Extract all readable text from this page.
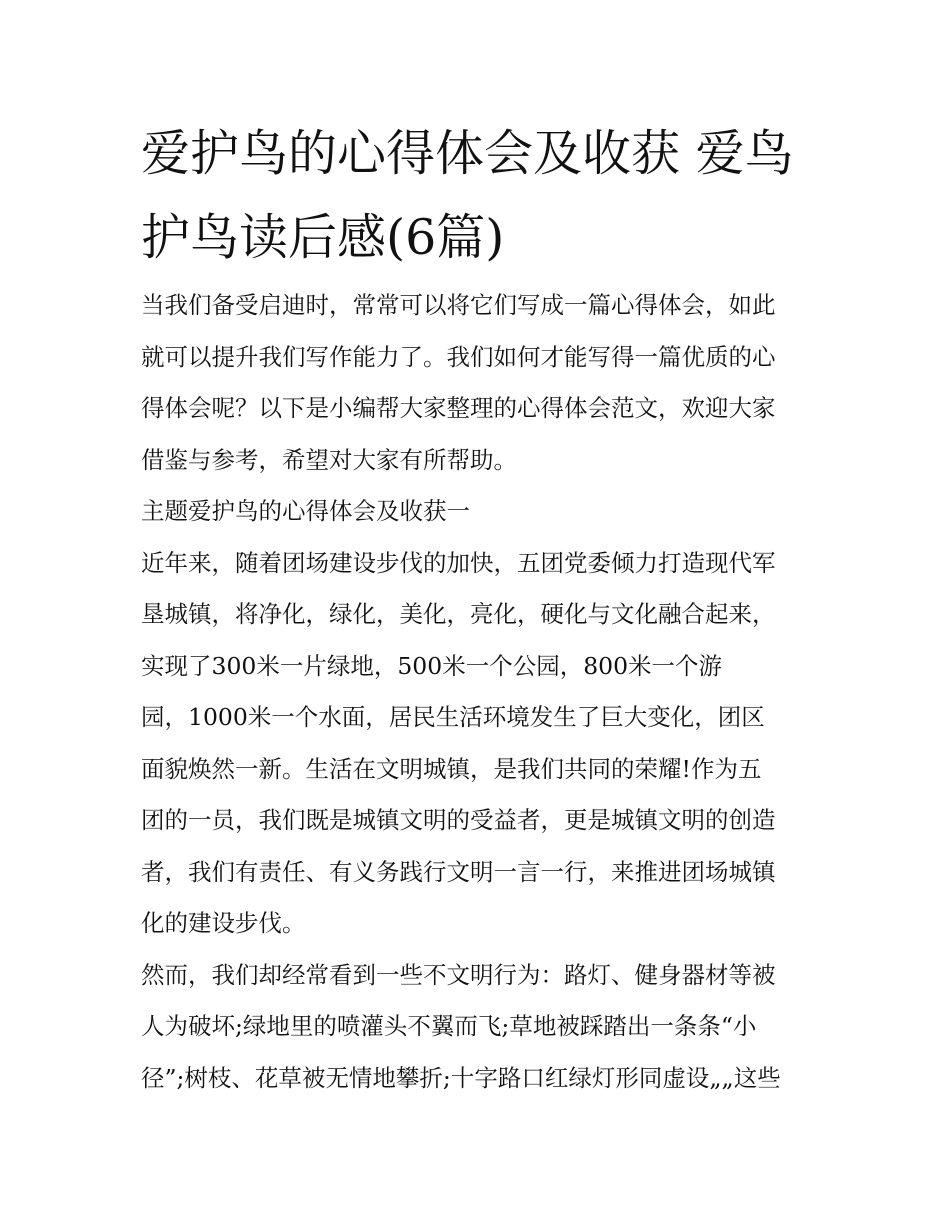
爱护鸟的心得体会及收获 爱鸟
护鸟读后感(6篇)

当我们备受启迪时，常常可以将它们写成一篇心得体会，如此
就可以提升我们写作能力了。我们如何才能写得一篇优质的心
得体会呢？以下是小编帮大家整理的心得体会范文，欢迎大家
借鉴与参考，希望对大家有所帮助。

主题爱护鸟的心得体会及收获一

近年来，随着团场建设步伐的加快，五团党委倾力打造现代军
垦城镇，将净化，绿化，美化，亮化，硬化与文化融合起来，
实现了300米一片绿地，500米一个公园，800米一个游
园，1000米一个水面，居民生活环境发生了巨大变化，团区
面貌焕然一新。生活在文明城镇，是我们共同的荣耀!作为五
团的一员，我们既是城镇文明的受益者，更是城镇文明的创造
者，我们有责任、有义务践行文明一言一行，来推进团场城镇
化的建设步伐。

然而，我们却经常看到一些不文明行为：路灯、健身器材等被
人为破坏;绿地里的喷灌头不翼而飞;草地被踩踏出一条条“小
径”;树枝、花草被无情地攀折;十字路口红绿灯形同虚设„„这些
